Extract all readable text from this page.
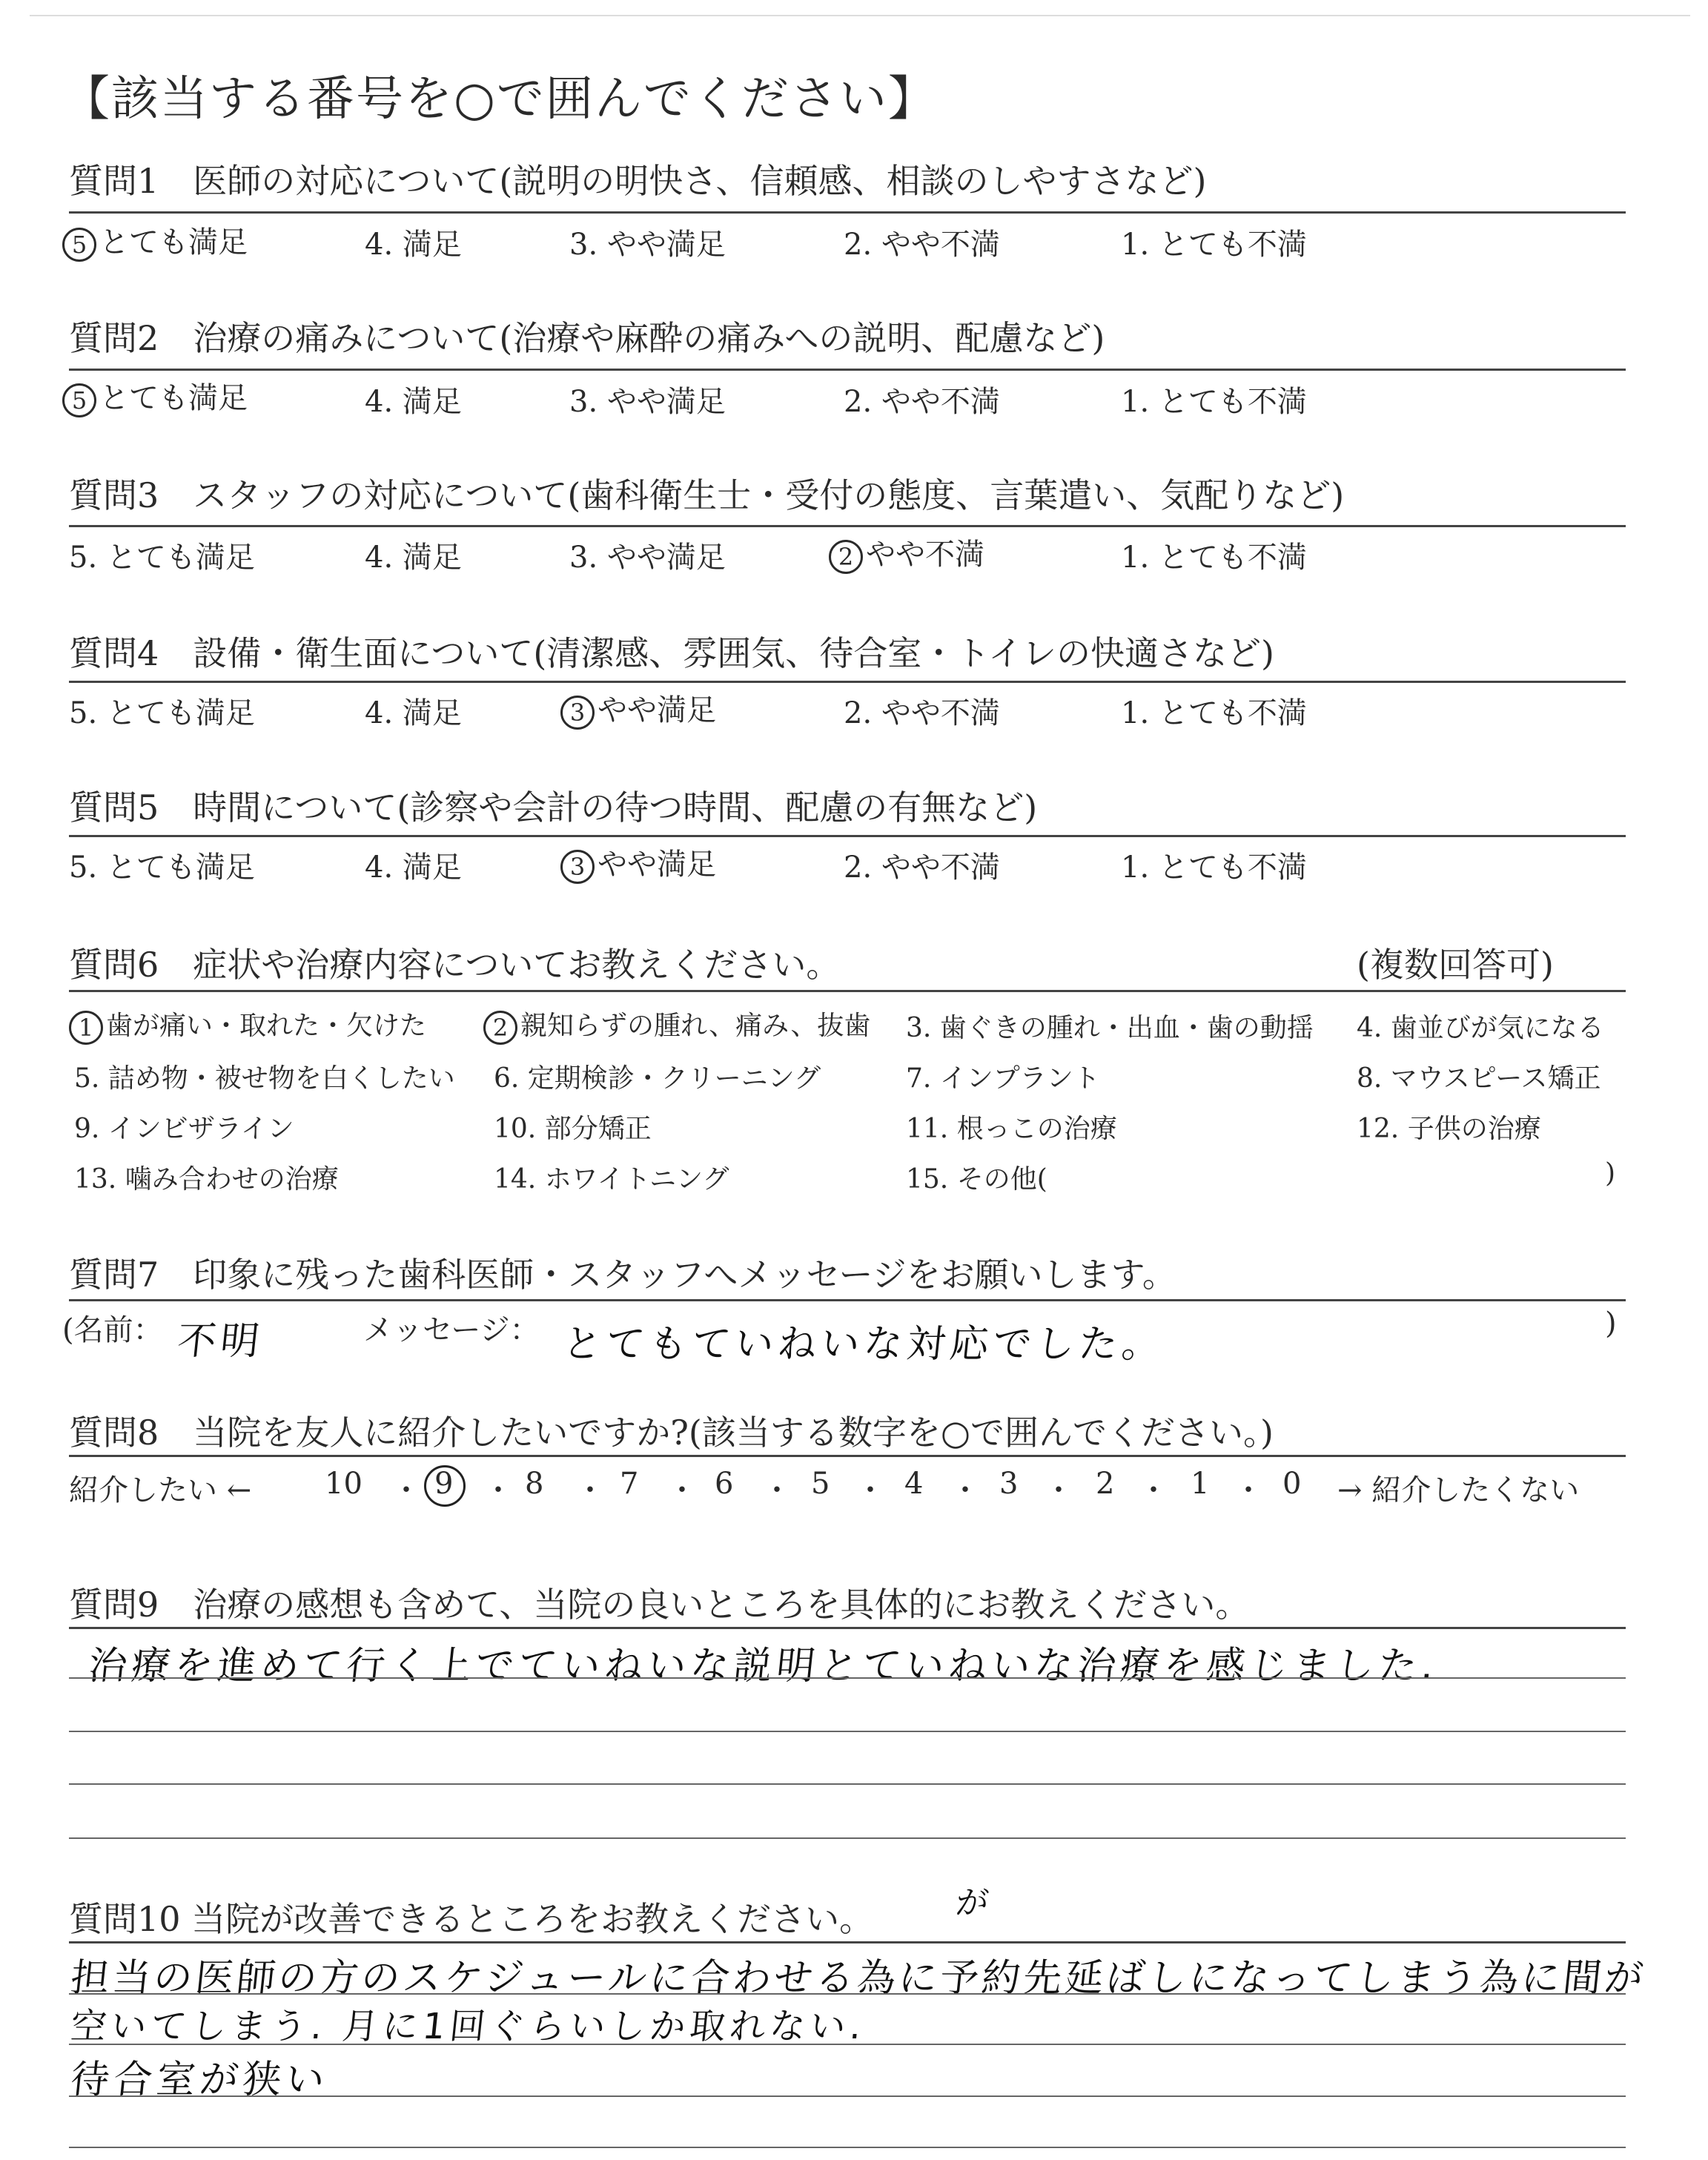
【該当する番号を○で囲んでください】
質問1　医師の対応について(説明の明快さ、信頼感、相談のしやすさなど)
5 とても満足	4. 満足	3. やや満足	2. やや不満	1. とても不満
質問2　治療の痛みについて(治療や麻酔の痛みへの説明、配慮など)
5 とても満足	4. 満足	3. やや満足	2. やや不満	1. とても不満
質問3　スタッフの対応について(歯科衛生士・受付の態度、言葉遣い、気配りなど)
5. とても満足	4. 満足	3. やや満足	2 やや不満	1. とても不満
質問4　設備・衛生面について(清潔感、雰囲気、待合室・トイレの快適さなど)
5. とても満足	4. 満足	3 やや満足	2. やや不満	1. とても不満
質問5　時間について(診察や会計の待つ時間、配慮の有無など)
5. とても満足	4. 満足	3 やや満足	2. やや不満	1. とても不満
質問6　症状や治療内容についてお教えください。	(複数回答可)
1 歯が痛い・取れた・欠けた	2 親知らずの腫れ、痛み、抜歯 3. 歯ぐきの腫れ・出血・歯の動揺 4. 歯並びが気になる
5. 詰め物・被せ物を白くしたい 6. 定期検診・クリーニング	7. インプラント	8. マウスピース矯正
9. インビザライン	10. 部分矯正	11. 根っこの治療	12. 子供の治療
13. 噛み合わせの治療	14. ホワイトニング	15. その他(	)
質問7　印象に残った歯科医師・スタッフへメッセージをお願いします。
(名前： 不明	メッセージ： とてもていねいな対応でした。	)
質問8　当院を友人に紹介したいですか?(該当する数字を○で囲んでください。)
紹介したい ← 10 ・ 9 ・ 8 ・ 7 ・ 6 ・ 5 ・ 4 ・ 3 ・ 2 ・ 1 ・ 0 → 紹介したくない
質問9　治療の感想も含めて、当院の良いところを具体的にお教えください。
治療を進めて行く上でていねいな説明とていねいな治療を感じました.
質問10 当院が改善できるところをお教えください。 が
担当の医師の方のスケジュールに合わせる為に予約先延ばしになってしまう為に間が
空いてしまう. 月に1回ぐらいしか取れない.
待合室が狭い
